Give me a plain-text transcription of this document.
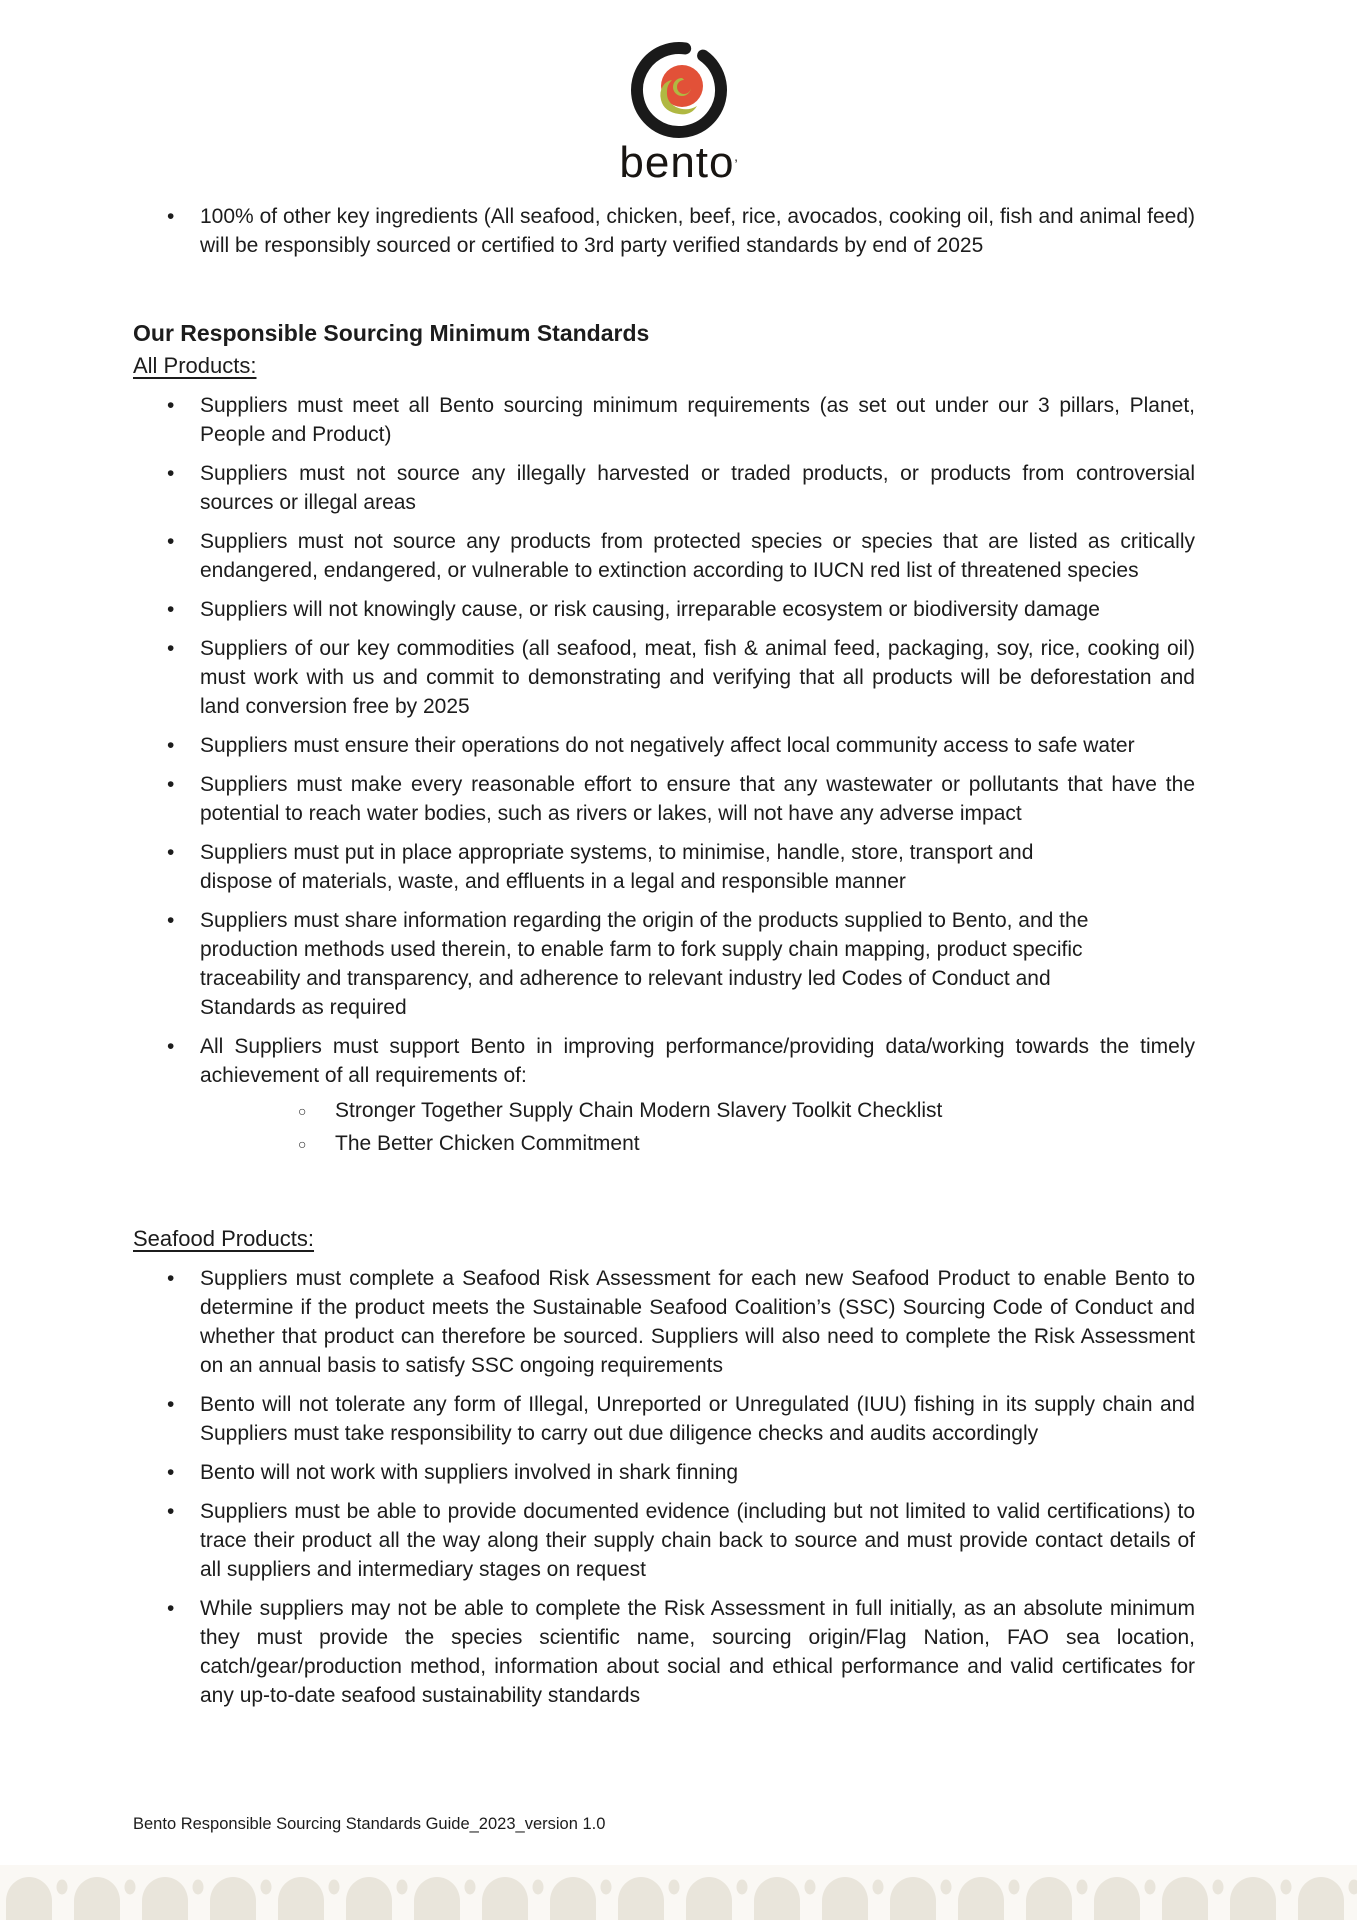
bento’
• 100% of other key ingredients (All seafood, chicken, beef, rice, avocados, cooking oil, fish and animal feed) will be responsibly sourced or certified to 3rd party verified standards by end of 2025
Our Responsible Sourcing Minimum Standards
All Products:
• Suppliers must meet all Bento sourcing minimum requirements (as set out under our 3 pillars, Planet, People and Product)
• Suppliers must not source any illegally harvested or traded products, or products from controversial sources or illegal areas
• Suppliers must not source any products from protected species or species that are listed as critically endangered, endangered, or vulnerable to extinction according to IUCN red list of threatened species
• Suppliers will not knowingly cause, or risk causing, irreparable ecosystem or biodiversity damage
• Suppliers of our key commodities (all seafood, meat, fish & animal feed, packaging, soy, rice, cooking oil) must work with us and commit to demonstrating and verifying that all products will be deforestation and land conversion free by 2025
• Suppliers must ensure their operations do not negatively affect local community access to safe water
• Suppliers must make every reasonable effort to ensure that any wastewater or pollutants that have the potential to reach water bodies, such as rivers or lakes, will not have any adverse impact
• Suppliers must put in place appropriate systems, to minimise, handle, store, transport and dispose of materials, waste, and effluents in a legal and responsible manner
• Suppliers must share information regarding the origin of the products supplied to Bento, and the production methods used therein, to enable farm to fork supply chain mapping, product specific traceability and transparency, and adherence to relevant industry led Codes of Conduct and Standards as required
• All Suppliers must support Bento in improving performance/providing data/working towards the timely achievement of all requirements of:
○ Stronger Together Supply Chain Modern Slavery Toolkit Checklist
○ The Better Chicken Commitment
Seafood Products:
• Suppliers must complete a Seafood Risk Assessment for each new Seafood Product to enable Bento to determine if the product meets the Sustainable Seafood Coalition’s (SSC) Sourcing Code of Conduct and whether that product can therefore be sourced. Suppliers will also need to complete the Risk Assessment on an annual basis to satisfy SSC ongoing requirements
• Bento will not tolerate any form of Illegal, Unreported or Unregulated (IUU) fishing in its supply chain and Suppliers must take responsibility to carry out due diligence checks and audits accordingly
• Bento will not work with suppliers involved in shark finning
• Suppliers must be able to provide documented evidence (including but not limited to valid certifications) to trace their product all the way along their supply chain back to source and must provide contact details of all suppliers and intermediary stages on request
• While suppliers may not be able to complete the Risk Assessment in full initially, as an absolute minimum they must provide the species scientific name, sourcing origin/Flag Nation, FAO sea location, catch/gear/production method, information about social and ethical performance and valid certificates for any up-to-date seafood sustainability standards
Bento Responsible Sourcing Standards Guide_2023_version 1.0
